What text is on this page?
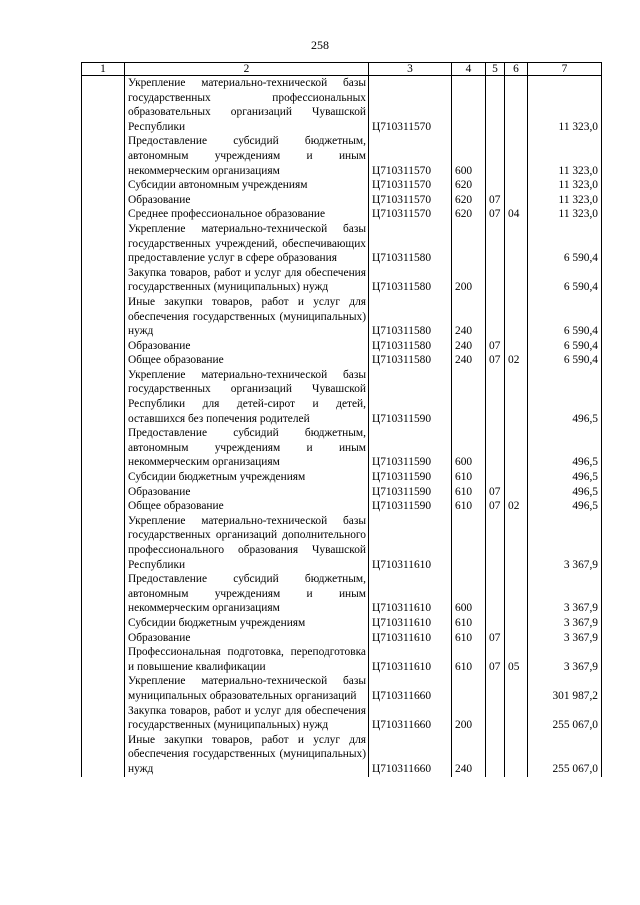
258
1	2	3	4	5	6	7
	Укрепление материально-технической базы государственных профессиональных образовательных организаций Чувашской Республики	Ц710311570				11 323,0
	Предоставление субсидий бюджетным, автономным учреждениям и иным некоммерческим организациям	Ц710311570	600			11 323,0
	Субсидии автономным учреждениям	Ц710311570	620			11 323,0
	Образование	Ц710311570	620	07		11 323,0
	Среднее профессиональное образование	Ц710311570	620	07	04	11 323,0
	Укрепление материально-технической базы государственных учреждений, обеспечивающих предоставление услуг в сфере образования	Ц710311580				6 590,4
	Закупка товаров, работ и услуг для обеспечения государственных (муниципальных) нужд	Ц710311580	200			6 590,4
	Иные закупки товаров, работ и услуг для обеспечения государственных (муниципальных) нужд	Ц710311580	240			6 590,4
	Образование	Ц710311580	240	07		6 590,4
	Общее образование	Ц710311580	240	07	02	6 590,4
	Укрепление материально-технической базы государственных организаций Чувашской Республики для детей-сирот и детей, оставшихся без попечения родителей	Ц710311590				496,5
	Предоставление субсидий бюджетным, автономным учреждениям и иным некоммерческим организациям	Ц710311590	600			496,5
	Субсидии бюджетным учреждениям	Ц710311590	610			496,5
	Образование	Ц710311590	610	07		496,5
	Общее образование	Ц710311590	610	07	02	496,5
	Укрепление материально-технической базы государственных организаций дополнительного профессионального образования Чувашской Республики	Ц710311610				3 367,9
	Предоставление субсидий бюджетным, автономным учреждениям и иным некоммерческим организациям	Ц710311610	600			3 367,9
	Субсидии бюджетным учреждениям	Ц710311610	610			3 367,9
	Образование	Ц710311610	610	07		3 367,9
	Профессиональная подготовка, переподготовка и повышение квалификации	Ц710311610	610	07	05	3 367,9
	Укрепление материально-технической базы муниципальных образовательных организаций	Ц710311660				301 987,2
	Закупка товаров, работ и услуг для обеспечения государственных (муниципальных) нужд	Ц710311660	200			255 067,0
	Иные закупки товаров, работ и услуг для обеспечения государственных (муниципальных) нужд	Ц710311660	240			255 067,0
